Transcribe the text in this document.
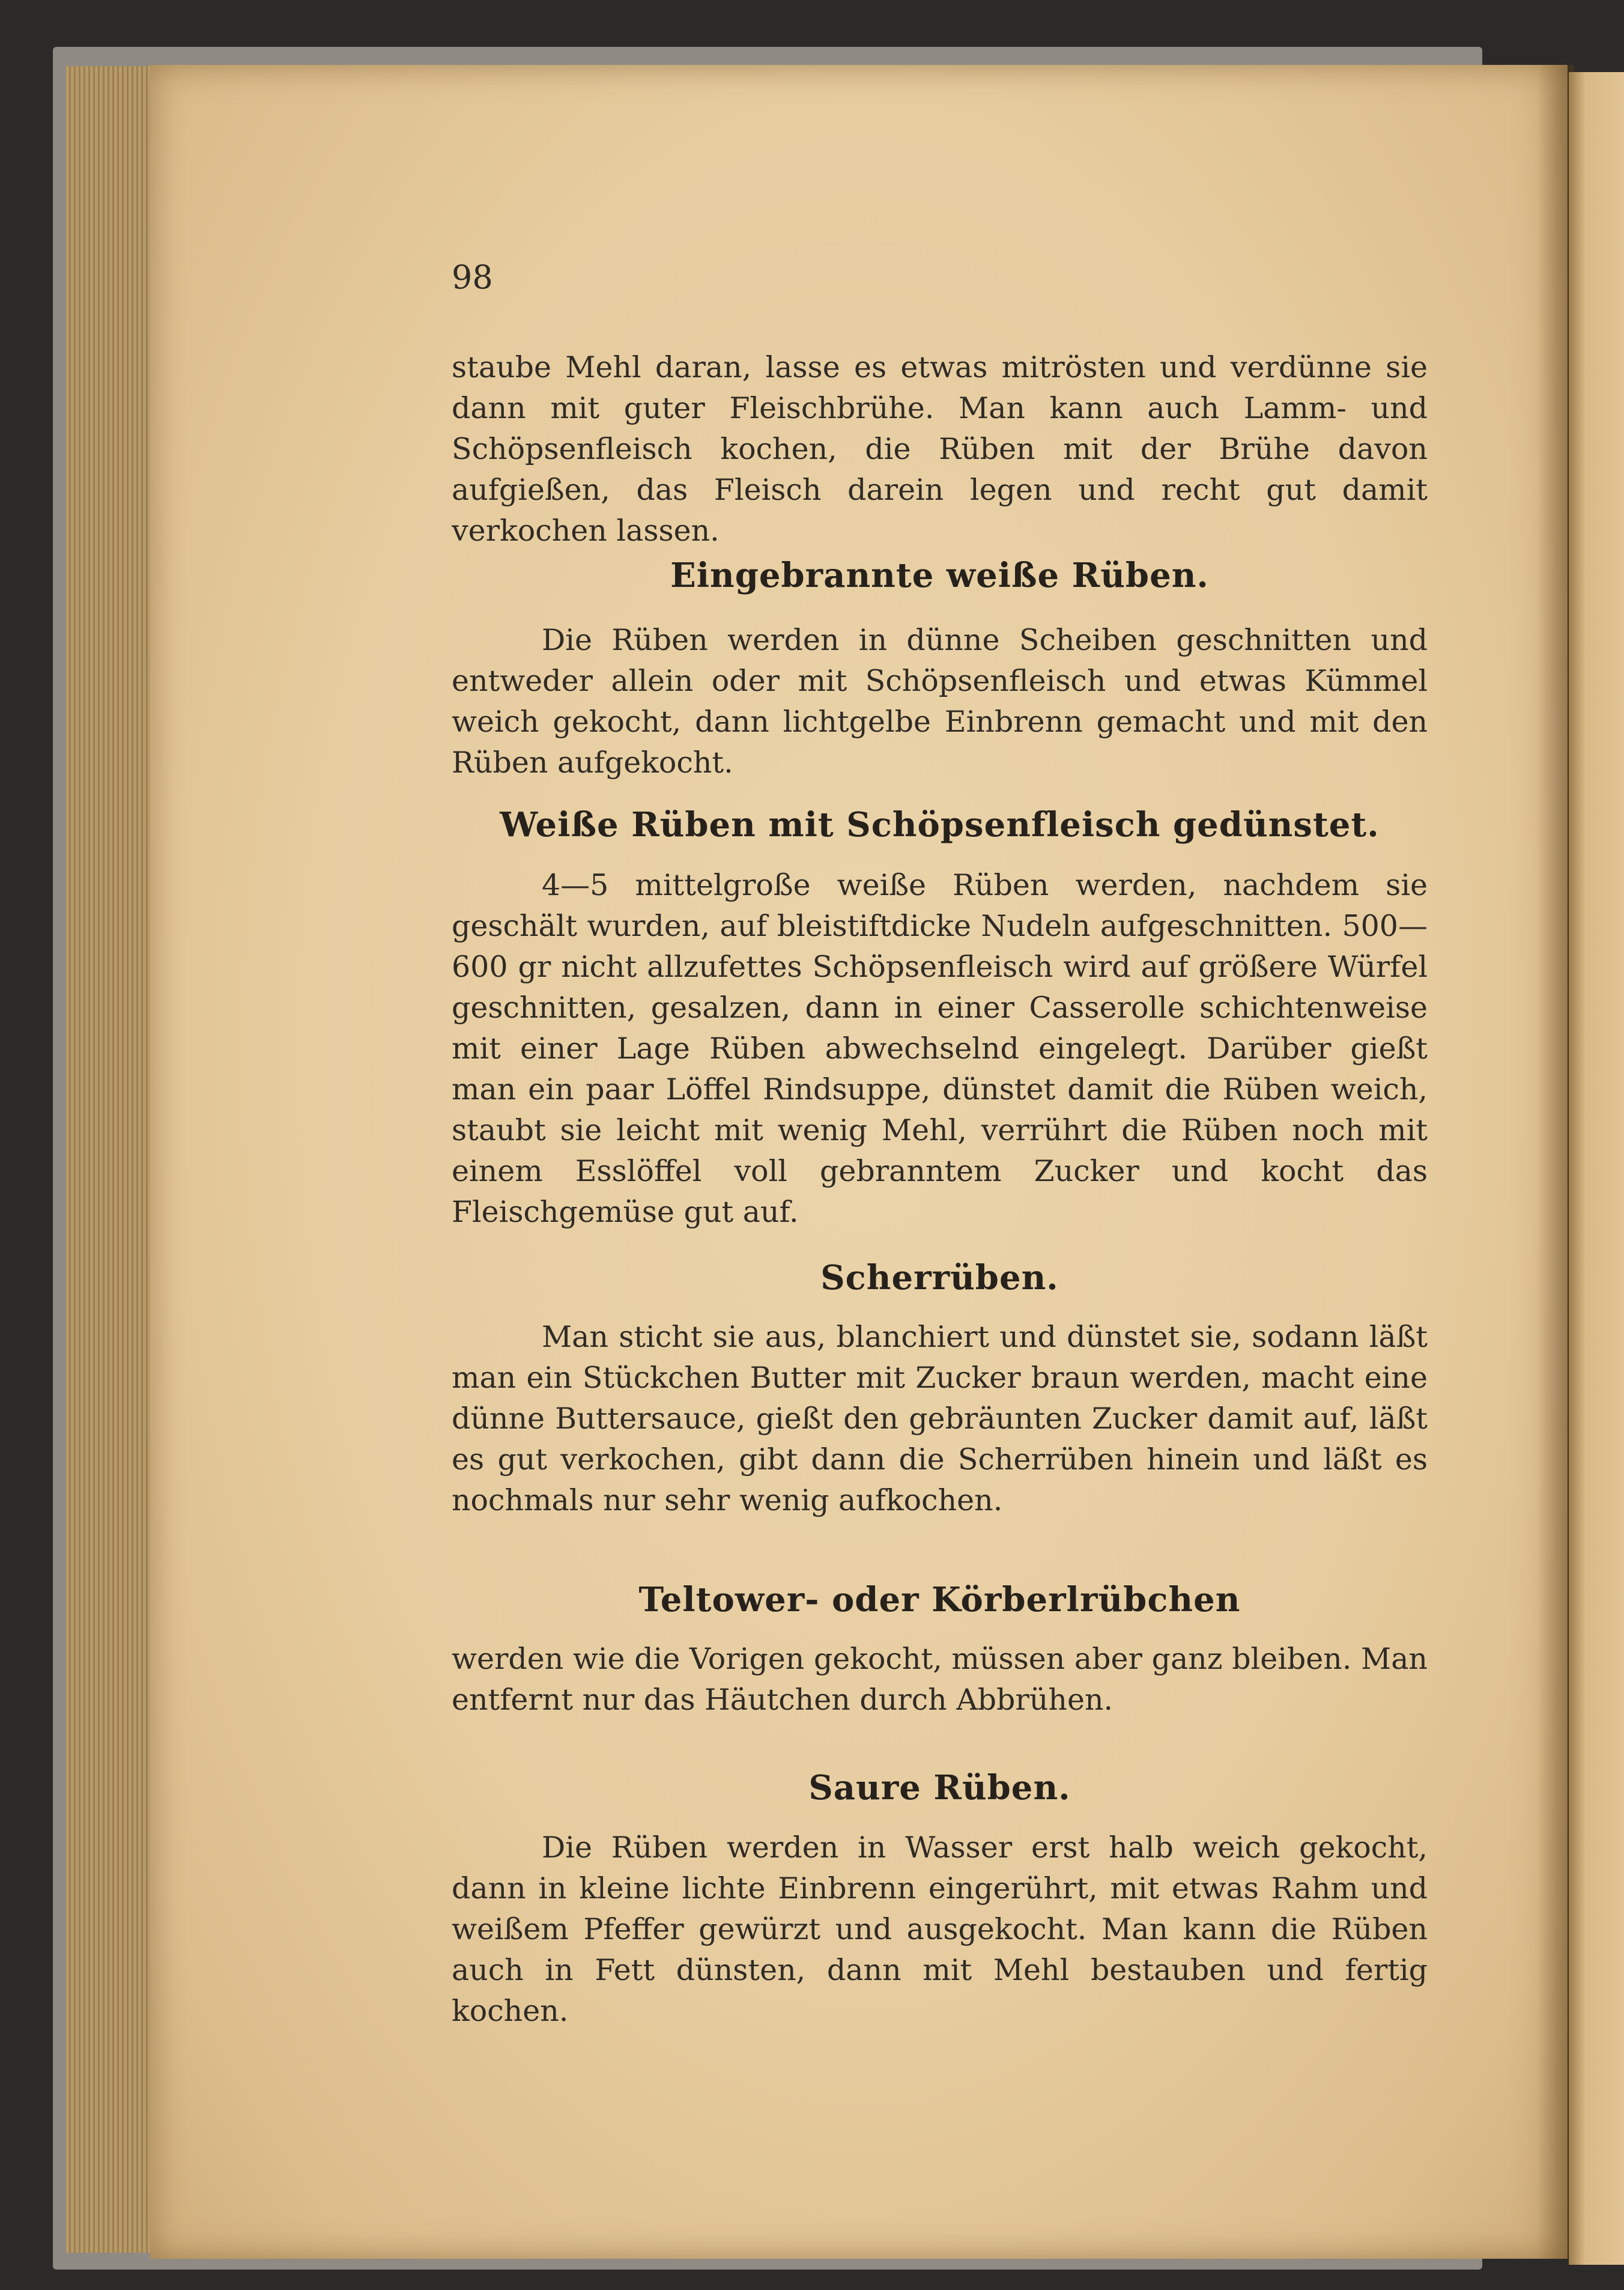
98

staube Mehl daran, lasse es etwas mitrösten und verdünne sie dann mit guter Fleischbrühe. Man kann auch Lamm- und Schöpsenfleisch kochen, die Rüben mit der Brühe davon aufgießen, das Fleisch darein legen und recht gut damit verkochen lassen.

Eingebrannte weiße Rüben.

Die Rüben werden in dünne Scheiben geschnitten und entweder allein oder mit Schöpsenfleisch und etwas Kümmel weich gekocht, dann lichtgelbe Einbrenn gemacht und mit den Rüben aufgekocht.

Weiße Rüben mit Schöpsenfleisch gedünstet.

4—5 mittelgroße weiße Rüben werden, nachdem sie geschält wurden, auf bleistiftdicke Nudeln aufgeschnitten. 500—600 gr nicht allzufettes Schöpsenfleisch wird auf größere Würfel geschnitten, gesalzen, dann in einer Casserolle schichtenweise mit einer Lage Rüben abwechselnd eingelegt. Darüber gießt man ein paar Löffel Rindsuppe, dünstet damit die Rüben weich, staubt sie leicht mit wenig Mehl, verrührt die Rüben noch mit einem Esslöffel voll gebranntem Zucker und kocht das Fleischgemüse gut auf.

Scherrüben.

Man sticht sie aus, blanchiert und dünstet sie, sodann läßt man ein Stückchen Butter mit Zucker braun werden, macht eine dünne Buttersauce, gießt den gebräunten Zucker damit auf, läßt es gut verkochen, gibt dann die Scherrüben hinein und läßt es nochmals nur sehr wenig aufkochen.

Teltower- oder Körberlrübchen

werden wie die Vorigen gekocht, müssen aber ganz bleiben. Man entfernt nur das Häutchen durch Abbrühen.

Saure Rüben.

Die Rüben werden in Wasser erst halb weich gekocht, dann in kleine lichte Einbrenn eingerührt, mit etwas Rahm und weißem Pfeffer gewürzt und ausgekocht. Man kann die Rüben auch in Fett dünsten, dann mit Mehl bestauben und fertig kochen.
